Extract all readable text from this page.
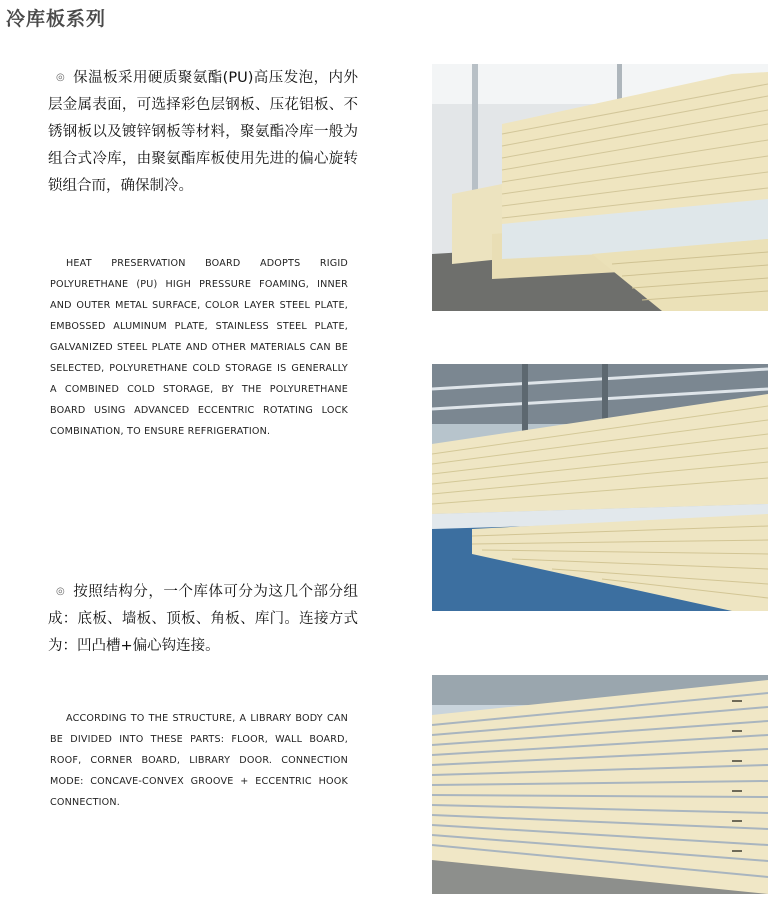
冷库板系列
◎ 保温板采用硬质聚氨酯(PU)高压发泡，内外层金属表面，可选择彩色层钢板、压花铝板、不锈钢板以及镀锌钢板等材料，聚氨酯冷库一般为组合式冷库，由聚氨酯库板使用先进的偏心旋转锁组合而，确保制冷。
HEAT PRESERVATION BOARD ADOPTS RIGID POLYURETHANE (PU) HIGH PRESSURE FOAMING, INNER AND OUTER METAL SURFACE, COLOR LAYER STEEL PLATE, EMBOSSED ALUMINUM PLATE, STAINLESS STEEL PLATE, GALVANIZED STEEL PLATE AND OTHER MATERIALS CAN BE SELECTED, POLYURETHANE COLD STORAGE IS GENERALLY A COMBINED COLD STORAGE, BY THE POLYURETHANE BOARD USING ADVANCED ECCENTRIC ROTATING LOCK COMBINATION, TO ENSURE REFRIGERATION.
◎ 按照结构分，一个库体可分为这几个部分组成：底板、墙板、顶板、角板、库门。连接方式为：凹凸槽+偏心钩连接。
ACCORDING TO THE STRUCTURE, A LIBRARY BODY CAN BE DIVIDED INTO THESE PARTS: FLOOR, WALL BOARD, ROOF, CORNER BOARD, LIBRARY DOOR. CONNECTION MODE: CONCAVE-CONVEX GROOVE + ECCENTRIC HOOK CONNECTION.
